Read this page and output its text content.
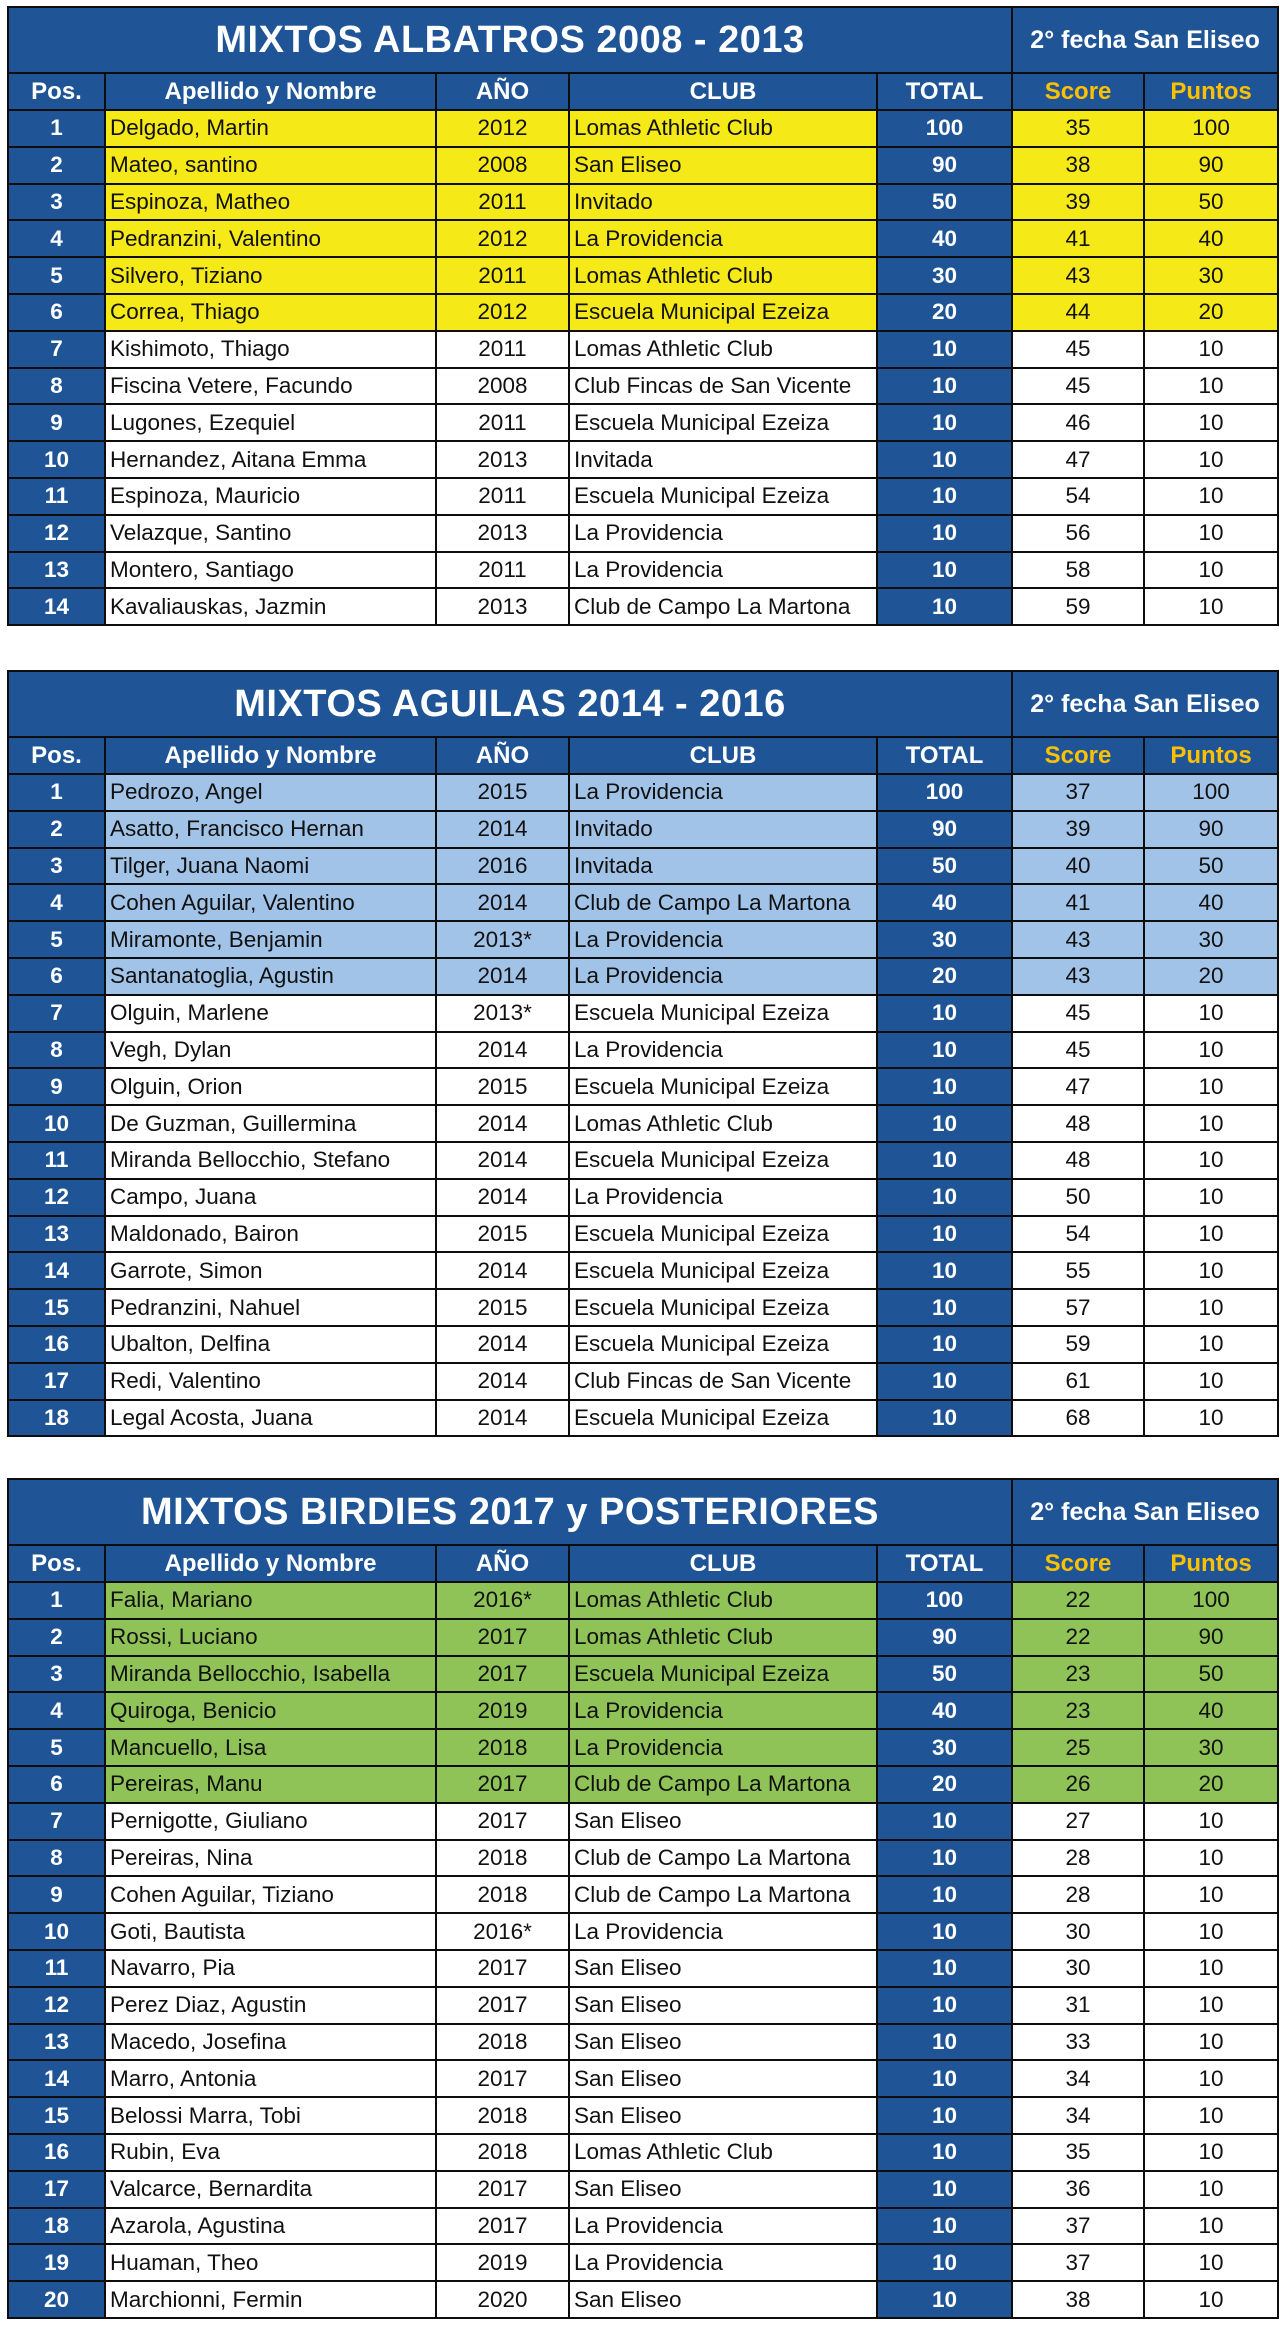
MIXTOS ALBATROS 2008 - 2013					2° fecha San Eliseo	
Pos.	Apellido y Nombre	AÑO	CLUB	TOTAL	Score	Puntos
1	Delgado, Martin	2012	Lomas Athletic Club	100	35	100
2	Mateo, santino	2008	San Eliseo	90	38	90
3	Espinoza, Matheo	2011	Invitado	50	39	50
4	Pedranzini, Valentino	2012	La Providencia	40	41	40
5	Silvero, Tiziano	2011	Lomas Athletic Club	30	43	30
6	Correa, Thiago	2012	Escuela Municipal Ezeiza	20	44	20
7	Kishimoto, Thiago	2011	Lomas Athletic Club	10	45	10
8	Fiscina Vetere, Facundo	2008	Club Fincas de San Vicente	10	45	10
9	Lugones, Ezequiel	2011	Escuela Municipal Ezeiza	10	46	10
10	Hernandez, Aitana Emma	2013	Invitada	10	47	10
11	Espinoza, Mauricio	2011	Escuela Municipal Ezeiza	10	54	10
12	Velazque, Santino	2013	La Providencia	10	56	10
13	Montero, Santiago	2011	La Providencia	10	58	10
14	Kavaliauskas, Jazmin	2013	Club de Campo La Martona	10	59	10
MIXTOS AGUILAS 2014 - 2016					2° fecha San Eliseo	
Pos.	Apellido y Nombre	AÑO	CLUB	TOTAL	Score	Puntos
1	Pedrozo, Angel	2015	La Providencia	100	37	100
2	Asatto, Francisco Hernan	2014	Invitado	90	39	90
3	Tilger, Juana Naomi	2016	Invitada	50	40	50
4	Cohen Aguilar, Valentino	2014	Club de Campo La Martona	40	41	40
5	Miramonte, Benjamin	2013*	La Providencia	30	43	30
6	Santanatoglia, Agustin	2014	La Providencia	20	43	20
7	Olguin, Marlene	2013*	Escuela Municipal Ezeiza	10	45	10
8	Vegh, Dylan	2014	La Providencia	10	45	10
9	Olguin, Orion	2015	Escuela Municipal Ezeiza	10	47	10
10	De Guzman, Guillermina	2014	Lomas Athletic Club	10	48	10
11	Miranda Bellocchio, Stefano	2014	Escuela Municipal Ezeiza	10	48	10
12	Campo, Juana	2014	La Providencia	10	50	10
13	Maldonado, Bairon	2015	Escuela Municipal Ezeiza	10	54	10
14	Garrote, Simon	2014	Escuela Municipal Ezeiza	10	55	10
15	Pedranzini, Nahuel	2015	Escuela Municipal Ezeiza	10	57	10
16	Ubalton, Delfina	2014	Escuela Municipal Ezeiza	10	59	10
17	Redi, Valentino	2014	Club Fincas de San Vicente	10	61	10
18	Legal Acosta, Juana	2014	Escuela Municipal Ezeiza	10	68	10
MIXTOS BIRDIES 2017 y POSTERIORES					2° fecha San Eliseo	
Pos.	Apellido y Nombre	AÑO	CLUB	TOTAL	Score	Puntos
1	Falia, Mariano	2016*	Lomas Athletic Club	100	22	100
2	Rossi, Luciano	2017	Lomas Athletic Club	90	22	90
3	Miranda Bellocchio, Isabella	2017	Escuela Municipal Ezeiza	50	23	50
4	Quiroga, Benicio	2019	La Providencia	40	23	40
5	Mancuello, Lisa	2018	La Providencia	30	25	30
6	Pereiras, Manu	2017	Club de Campo La Martona	20	26	20
7	Pernigotte, Giuliano	2017	San Eliseo	10	27	10
8	Pereiras, Nina	2018	Club de Campo La Martona	10	28	10
9	Cohen Aguilar, Tiziano	2018	Club de Campo La Martona	10	28	10
10	Goti, Bautista	2016*	La Providencia	10	30	10
11	Navarro, Pia	2017	San Eliseo	10	30	10
12	Perez Diaz, Agustin	2017	San Eliseo	10	31	10
13	Macedo, Josefina	2018	San Eliseo	10	33	10
14	Marro, Antonia	2017	San Eliseo	10	34	10
15	Belossi Marra, Tobi	2018	San Eliseo	10	34	10
16	Rubin, Eva	2018	Lomas Athletic Club	10	35	10
17	Valcarce, Bernardita	2017	San Eliseo	10	36	10
18	Azarola, Agustina	2017	La Providencia	10	37	10
19	Huaman, Theo	2019	La Providencia	10	37	10
20	Marchionni, Fermin	2020	San Eliseo	10	38	10
